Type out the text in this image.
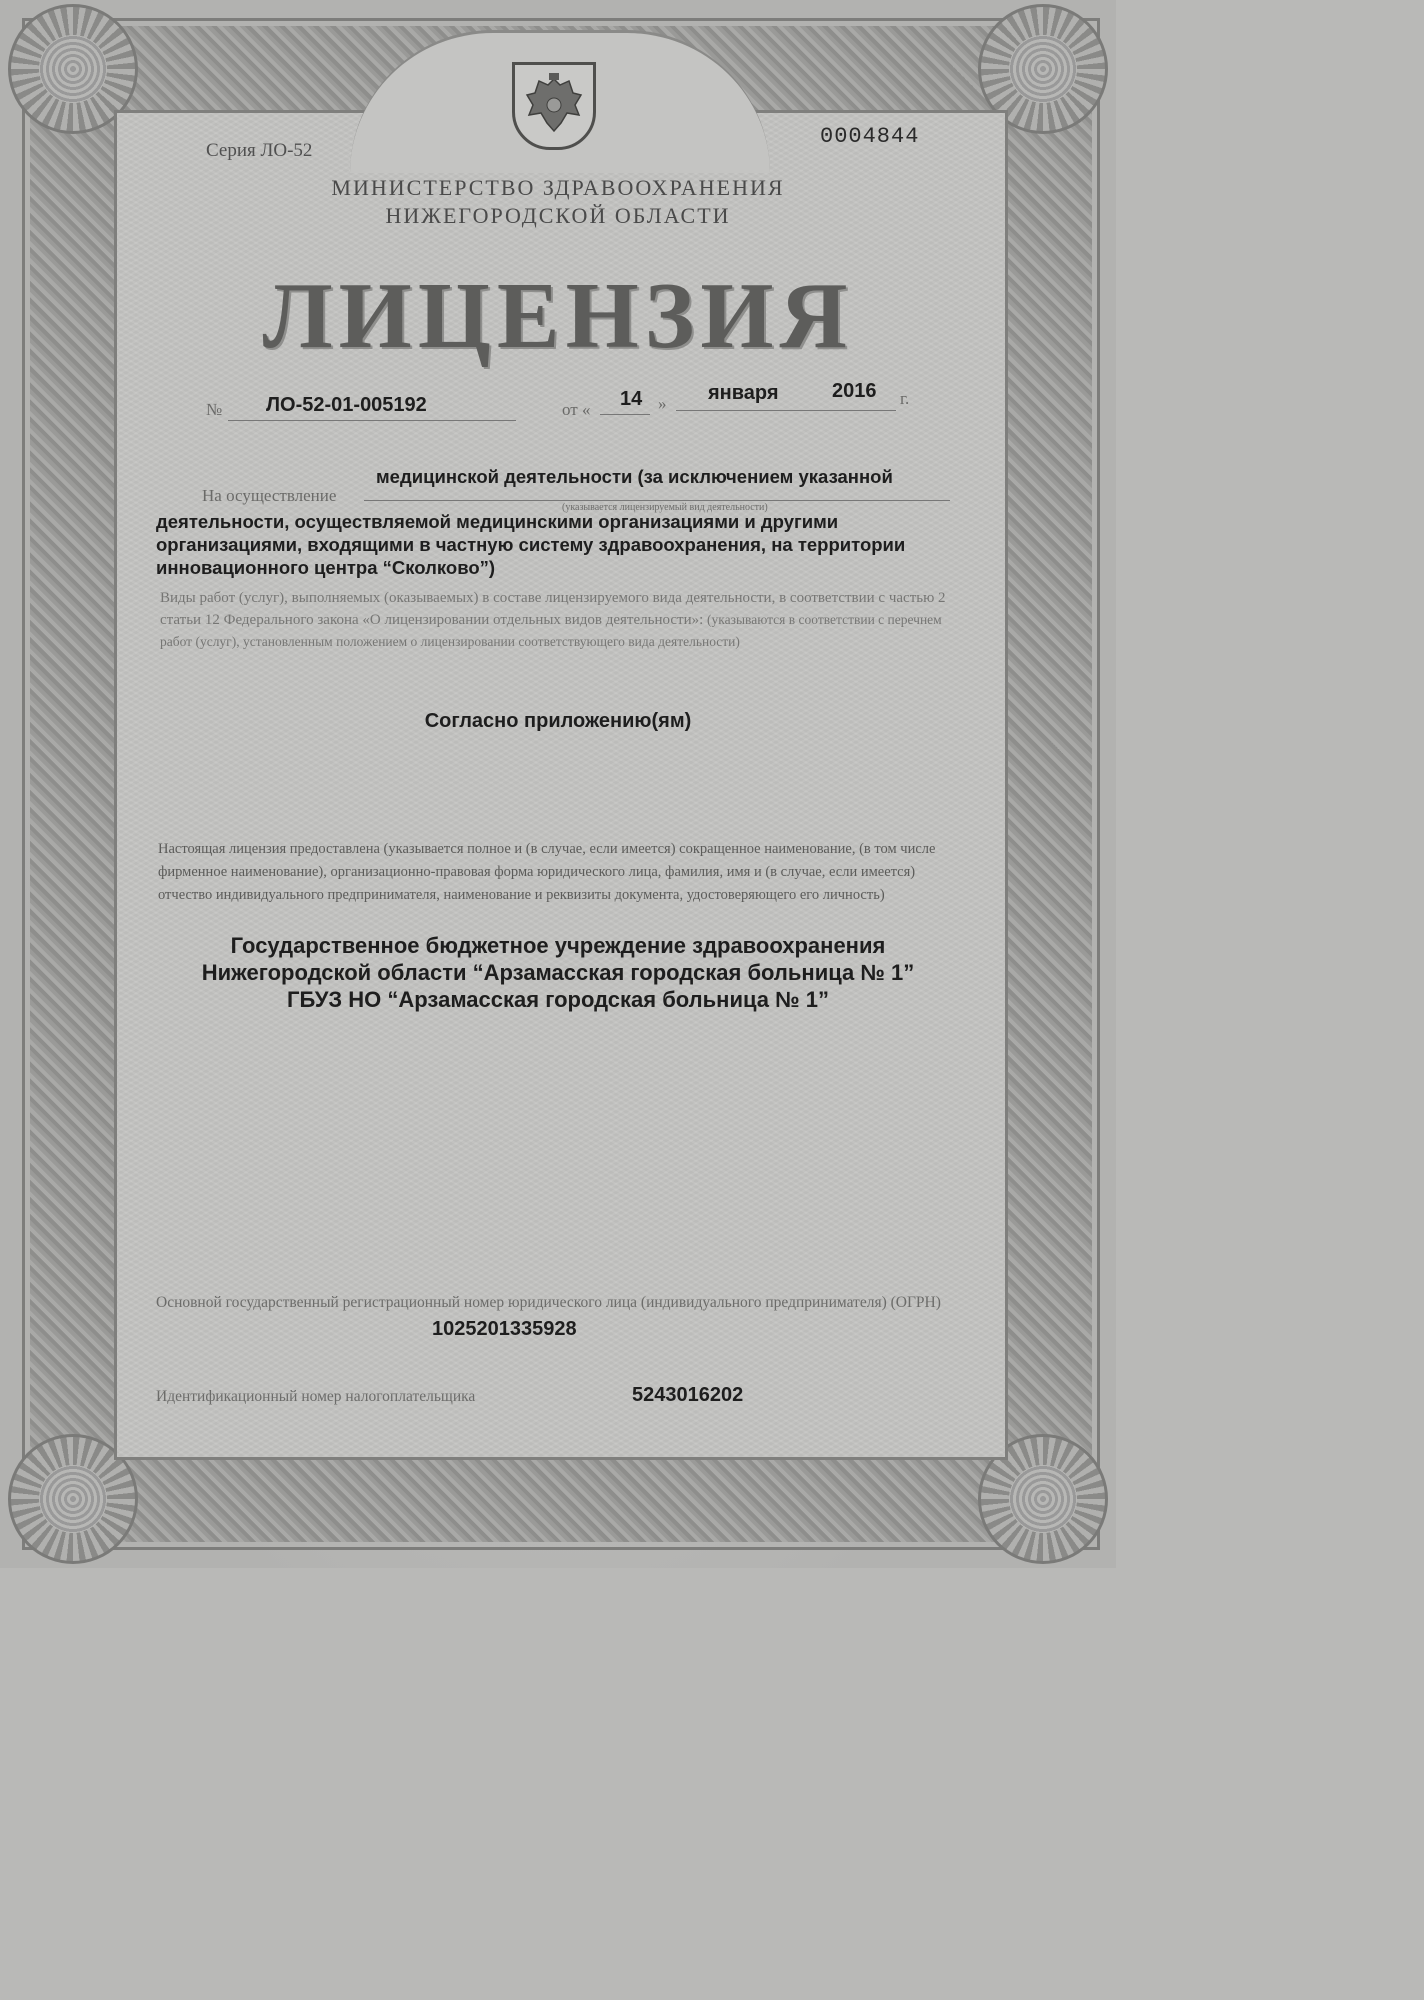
Серия ЛО-52
0004844
МИНИСТЕРСТВО ЗДРАВООХРАНЕНИЯ
НИЖЕГОРОДСКОЙ ОБЛАСТИ
ЛИЦЕНЗИЯ
№ ЛО-52-01-005192	от « 14 » января	2016 г.
На осуществление
медицинской деятельности (за исключением указанной
(указывается лицензируемый вид деятельности)
деятельности, осуществляемой медицинскими организациями и другими организациями, входящими в частную систему здравоохранения, на территории инновационного центра “Сколково”)
Виды работ (услуг), выполняемых (оказываемых) в составе лицензируемого вида деятельности, в соответствии с частью 2 статьи 12 Федерального закона «О лицензировании отдельных видов деятельности»: (указываются в соответствии с перечнем работ (услуг), установленным положением о лицензировании соответствующего вида деятельности)
Согласно приложению(ям)
Настоящая лицензия предоставлена (указывается полное и (в случае, если имеется) сокращенное наименование, (в том числе фирменное наименование), организационно-правовая форма юридического лица, фамилия, имя и (в случае, если имеется) отчество индивидуального предпринимателя, наименование и реквизиты документа, удостоверяющего его личность)
Государственное бюджетное учреждение здравоохранения
Нижегородской области “Арзамасская городская больница № 1”
ГБУЗ НО “Арзамасская городская больница № 1”
Основной государственный регистрационный номер юридического лица (индивидуального предпринимателя) (ОГРН)
1025201335928
Идентификационный номер налогоплательщика	5243016202
